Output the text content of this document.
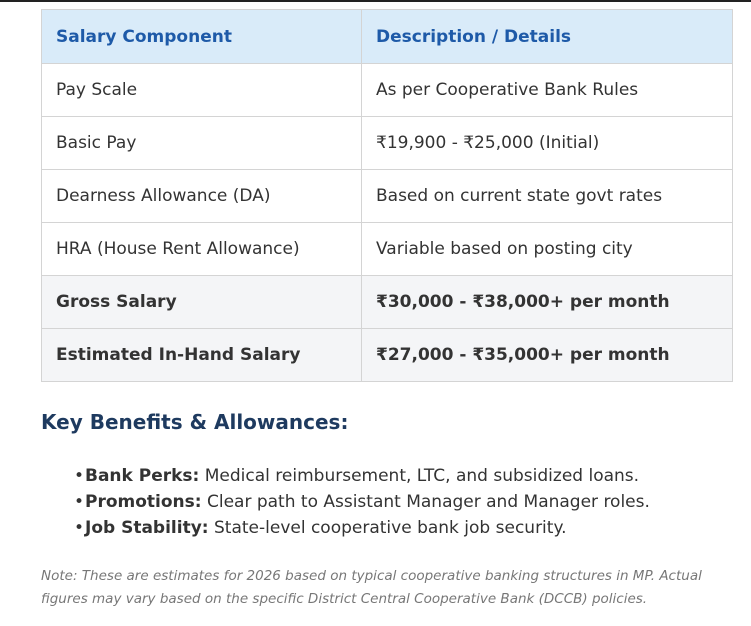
Salary Component	Description / Details
Pay Scale	As per Cooperative Bank Rules
Basic Pay	₹19,900 - ₹25,000 (Initial)
Dearness Allowance (DA)	Based on current state govt rates
HRA (House Rent Allowance)	Variable based on posting city
Gross Salary	₹30,000 - ₹38,000+ per month
Estimated In-Hand Salary	₹27,000 - ₹35,000+ per month
Key Benefits & Allowances:
• Bank Perks: Medical reimbursement, LTC, and subsidized loans.
• Promotions: Clear path to Assistant Manager and Manager roles.
• Job Stability: State-level cooperative bank job security.

Note: These are estimates for 2026 based on typical cooperative banking structures in MP. Actual figures may vary based on the specific District Central Cooperative Bank (DCCB) policies.
